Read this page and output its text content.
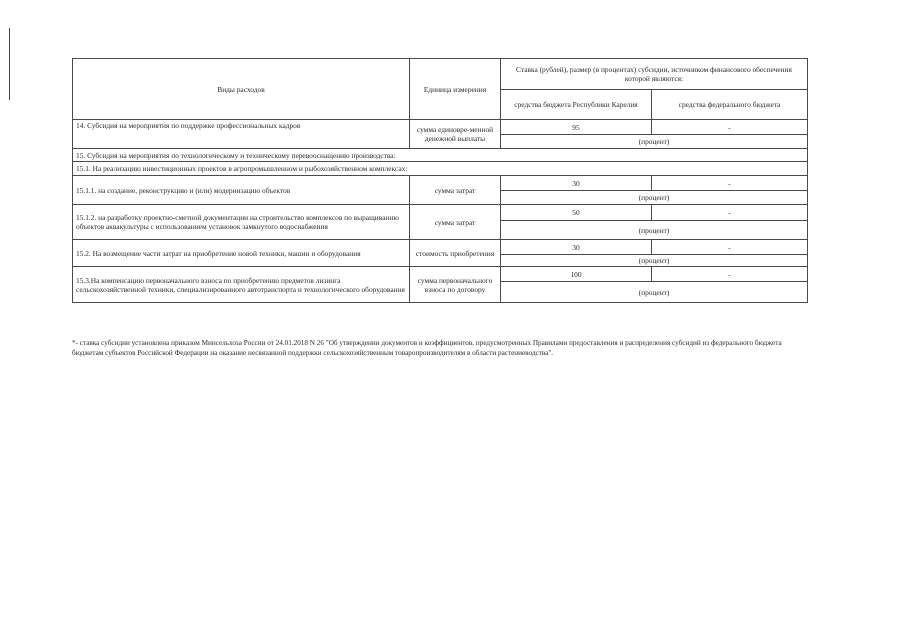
Виды расходов	Единица измерения	Ставка (рублей), размер (в процентах) субсидии, источником финансового обеспечения которой являются:	
		средства бюджета Республики Карелия	средства федерального бюджета
14. Субсидия на мероприятия по поддержке профессиональных кадров	сумма единовре-менной денежной выплаты	95	-
		(процент)	
15. Субсидия на мероприятия по технологическому и техническому перевооснащению производства:			
15.1. На реализацию инвестиционных проектов в агропромышленном и рыбохозяйственном комплексах:			
15.1.1. на создание, реконструкцию и (или) модернизацию объектов	сумма затрат	30	-
		(процент)	
15.1.2. на разработку проектно-сметной документации на строительство комплексов по выращиванию объектов аквакультуры с использованием установок замкнутого водоснабжения	сумма затрат	50	-
		(процент)	
15.2. На возмещение части затрат на приобретение новой техники, машин и оборудования	стоимость приобретения	30	-
		(процент)	
15.3.На компенсацию первоначального взноса по приобретению предметов лизинга сельскохозяйственной техники, специализированного автотранспорта и технологического оборудования	сумма первоначального взноса по договору	100	-
		(процент)	
*- ставка субсидии установлена приказом Минсельхоза России от 24.01.2018 N 26 "Об утверждении документов и коэффициентов, предусмотренных Правилами предоставления и распределения субсидий из федерального бюджета бюджетам субъектов Российской Федерации на оказание несвязанной поддержки сельскохозяйственным товаропроизводителям в области растениеводства".
